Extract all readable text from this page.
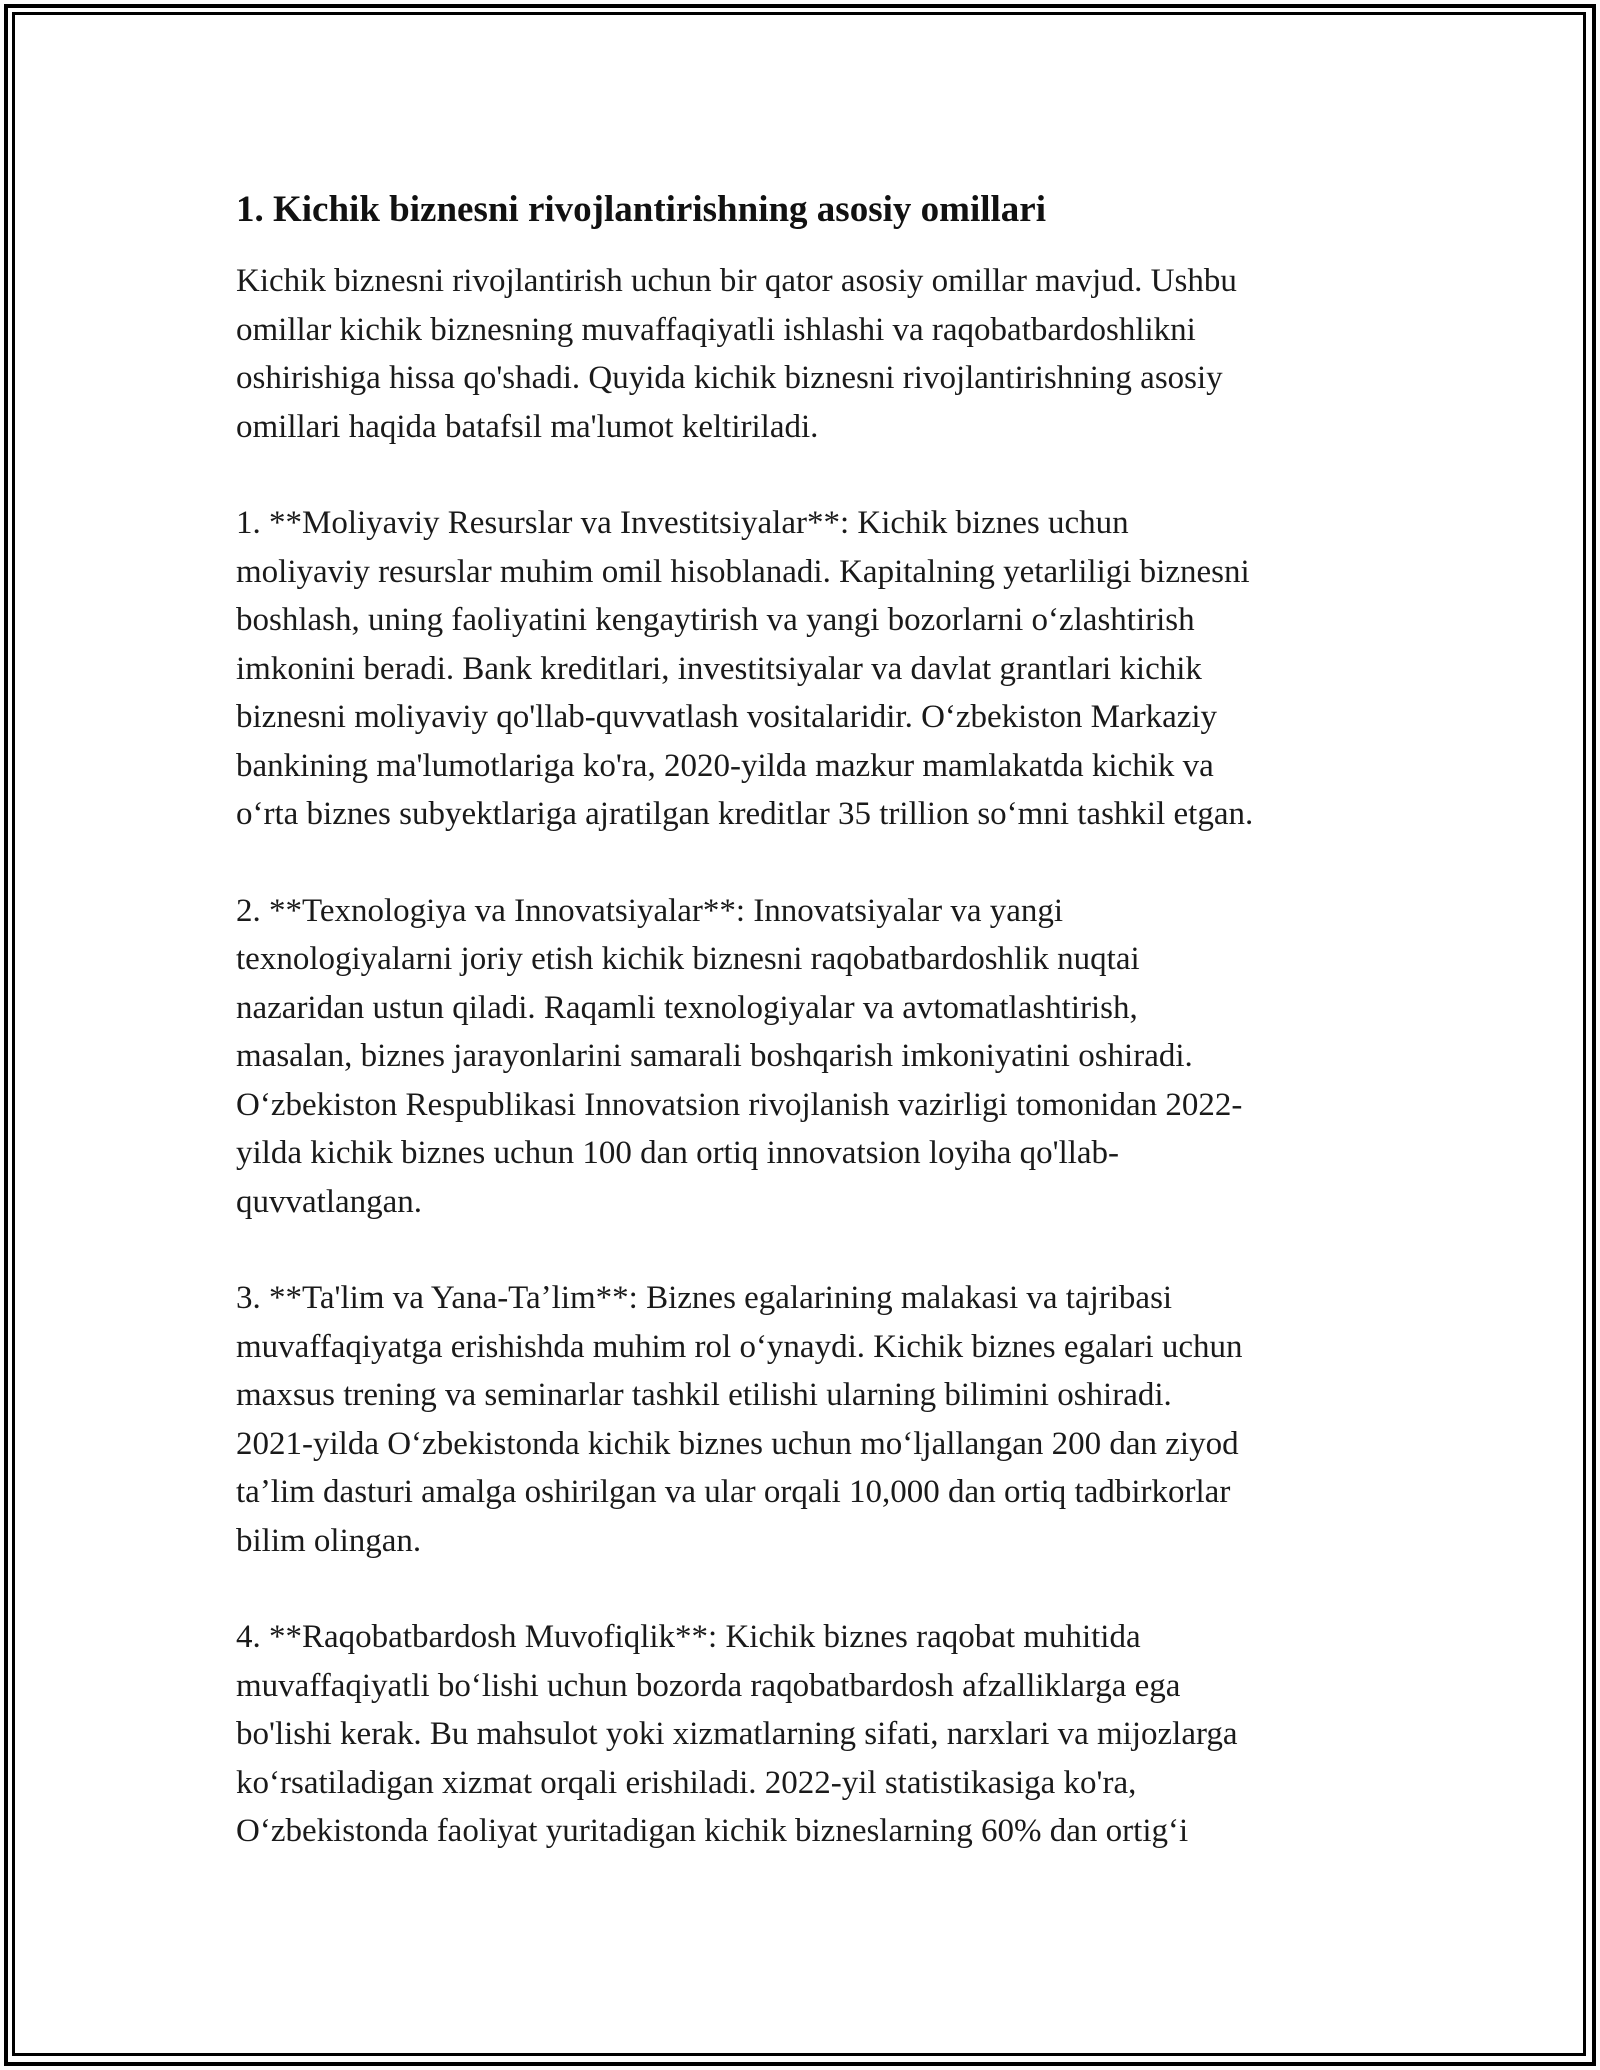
1. Kichik biznesni rivojlantirishning asosiy omillari
Kichik biznesni rivojlantirish uchun bir qator asosiy omillar mavjud. Ushbu
omillar kichik biznesning muvaffaqiyatli ishlashi va raqobatbardoshlikni
oshirishiga hissa qo'shadi. Quyida kichik biznesni rivojlantirishning asosiy
omillari haqida batafsil ma'lumot keltiriladi.
1. **Moliyaviy Resurslar va Investitsiyalar**: Kichik biznes uchun
moliyaviy resurslar muhim omil hisoblanadi. Kapitalning yetarliligi biznesni
boshlash, uning faoliyatini kengaytirish va yangi bozorlarni oʻzlashtirish
imkonini beradi. Bank kreditlari, investitsiyalar va davlat grantlari kichik
biznesni moliyaviy qo'llab-quvvatlash vositalaridir. Oʻzbekiston Markaziy
bankining ma'lumotlariga ko'ra, 2020-yilda mazkur mamlakatda kichik va
oʻrta biznes subyektlariga ajratilgan kreditlar 35 trillion soʻmni tashkil etgan.
2. **Texnologiya va Innovatsiyalar**: Innovatsiyalar va yangi
texnologiyalarni joriy etish kichik biznesni raqobatbardoshlik nuqtai
nazaridan ustun qiladi. Raqamli texnologiyalar va avtomatlashtirish,
masalan, biznes jarayonlarini samarali boshqarish imkoniyatini oshiradi.
Oʻzbekiston Respublikasi Innovatsion rivojlanish vazirligi tomonidan 2022-
yilda kichik biznes uchun 100 dan ortiq innovatsion loyiha qo'llab-
quvvatlangan.
3. **Ta'lim va Yana-Taʼlim**: Biznes egalarining malakasi va tajribasi
muvaffaqiyatga erishishda muhim rol oʻynaydi. Kichik biznes egalari uchun
maxsus trening va seminarlar tashkil etilishi ularning bilimini oshiradi.
2021-yilda Oʻzbekistonda kichik biznes uchun moʻljallangan 200 dan ziyod
taʼlim dasturi amalga oshirilgan va ular orqali 10,000 dan ortiq tadbirkorlar
bilim olingan.
4. **Raqobatbardosh Muvofiqlik**: Kichik biznes raqobat muhitida
muvaffaqiyatli boʻlishi uchun bozorda raqobatbardosh afzalliklarga ega
bo'lishi kerak. Bu mahsulot yoki xizmatlarning sifati, narxlari va mijozlarga
koʻrsatiladigan xizmat orqali erishiladi. 2022-yil statistikasiga ko'ra,
Oʻzbekistonda faoliyat yuritadigan kichik bizneslarning 60% dan ortigʻi
